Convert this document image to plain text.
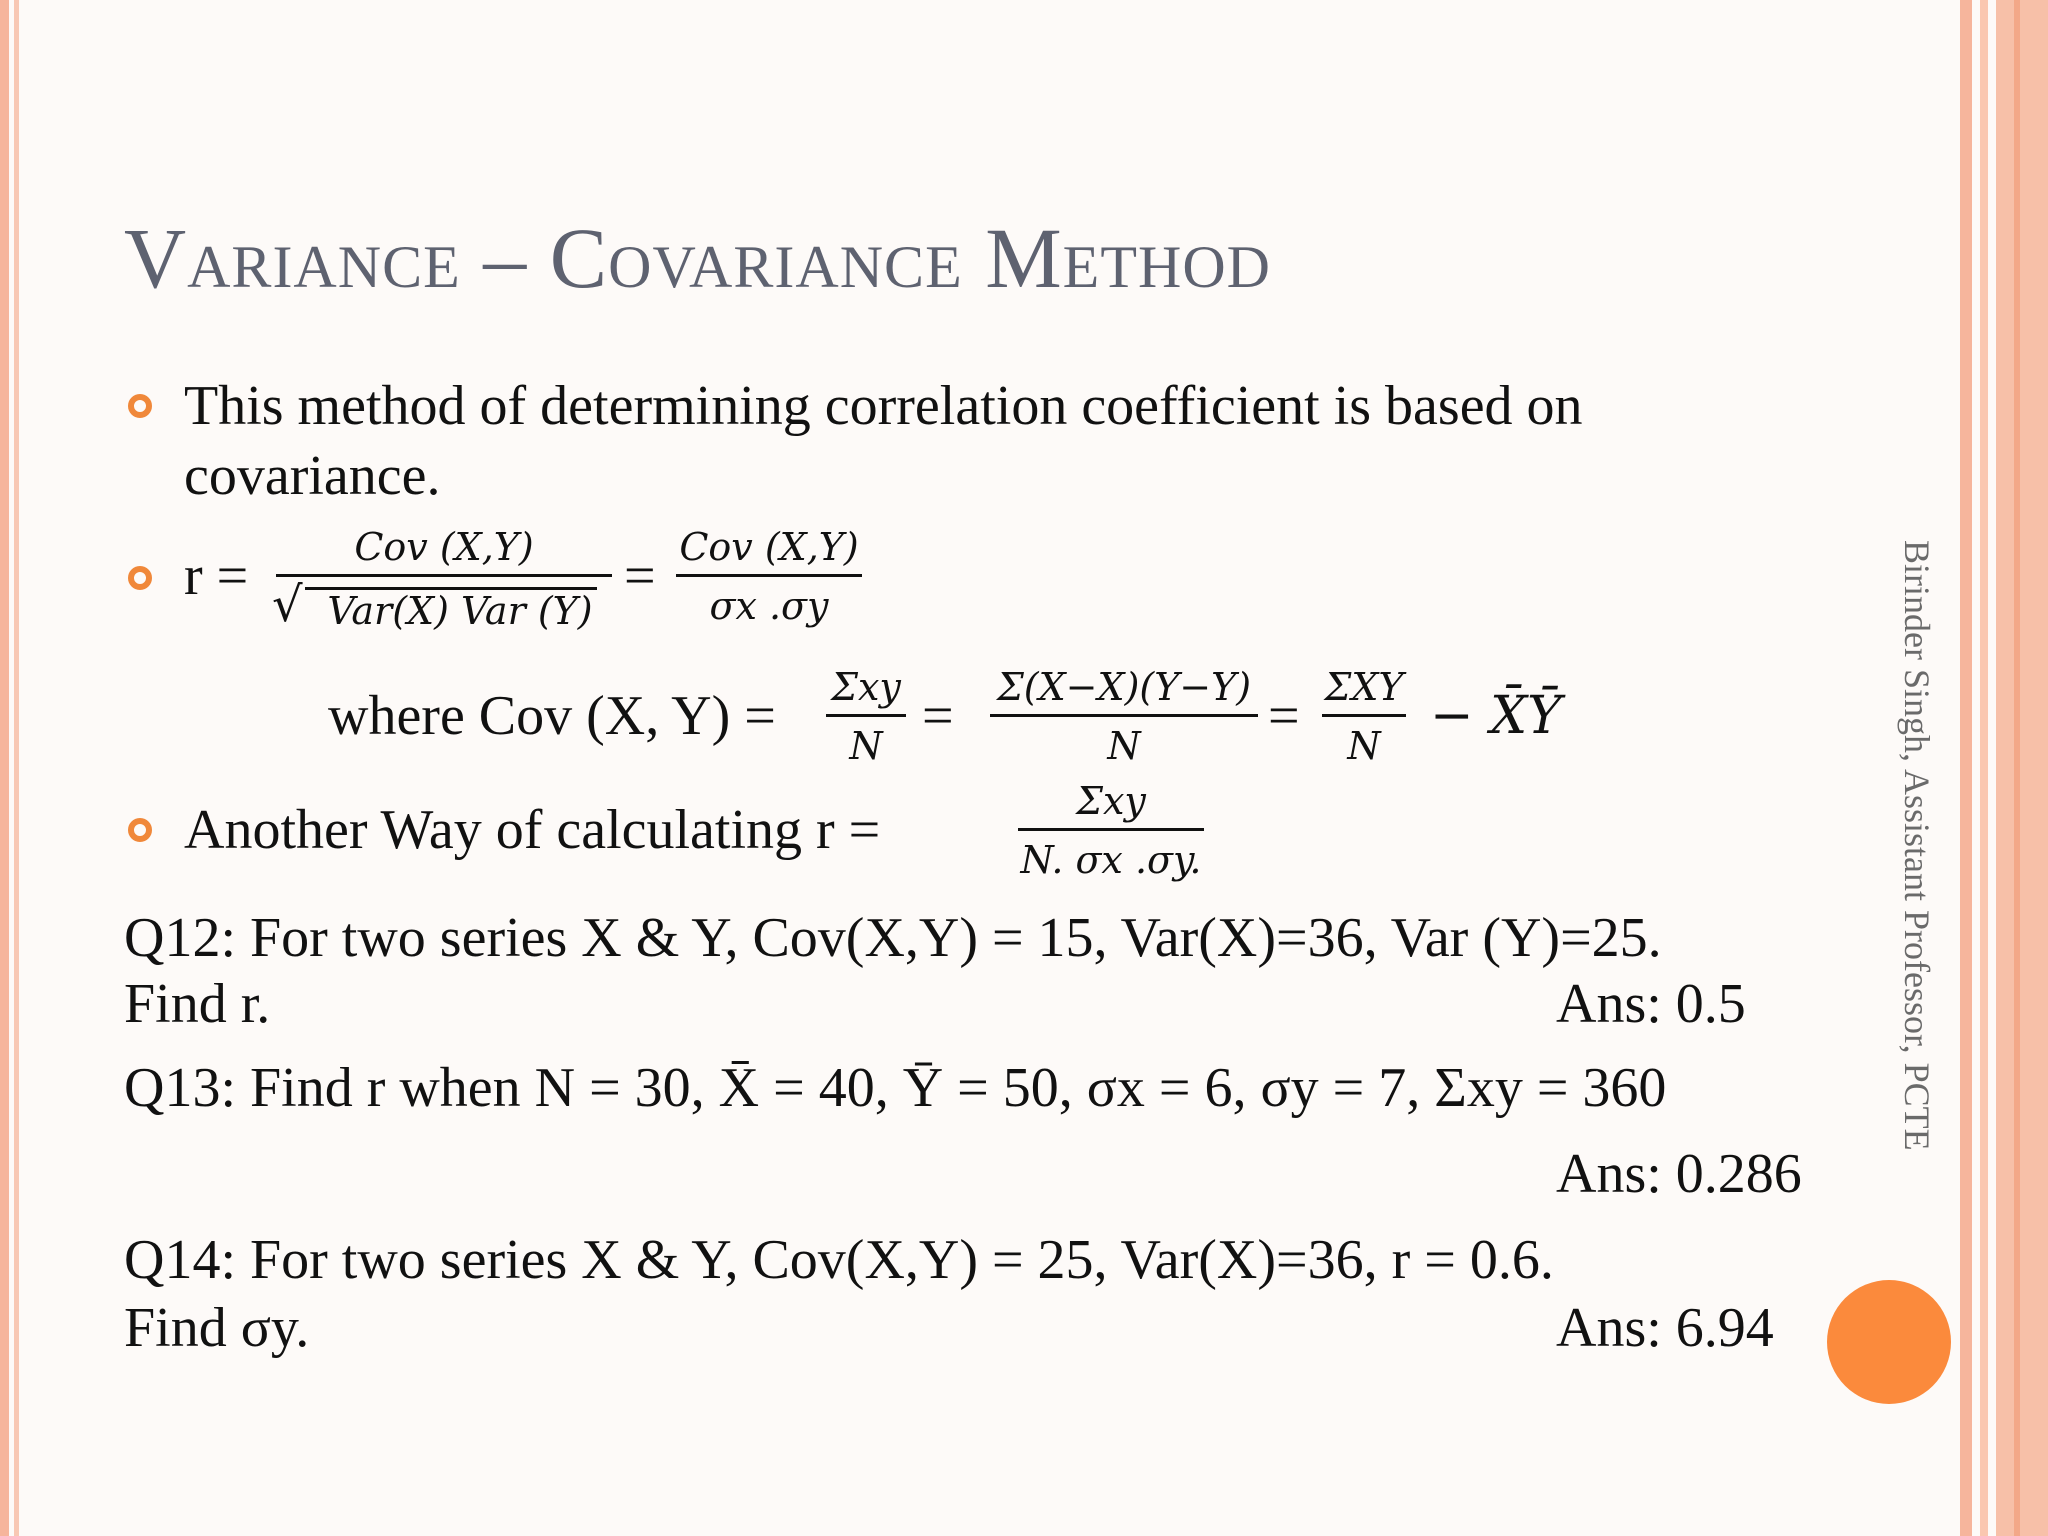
Variance – Covariance Method
This method of determining correlation coefficient is based on
covariance.
r =	Cov (X,Y)
√ Var(X) Var (Y)
= Cov (X,Y)
σx .σy
where Cov (X, Y) = Σxy
N = Σ(X−X)(Y−Y)
N	= ΣXY
N − X̄Ȳ
Another Way of calculating r =	Σxy
N. σx .σy.
Q12: For two series X & Y, Cov(X,Y) = 15, Var(X)=36, Var (Y)=25.
Find r.	Ans: 0.5
Q13: Find r when N = 30, X̄ = 40, Ȳ = 50, σx = 6, σy = 7, Σxy = 360
Ans: 0.286
Q14: For two series X & Y, Cov(X,Y) = 25, Var(X)=36, r = 0.6.
Find σy.	Ans: 6.94
Birinder Singh, Assistant Professor, PCTE
